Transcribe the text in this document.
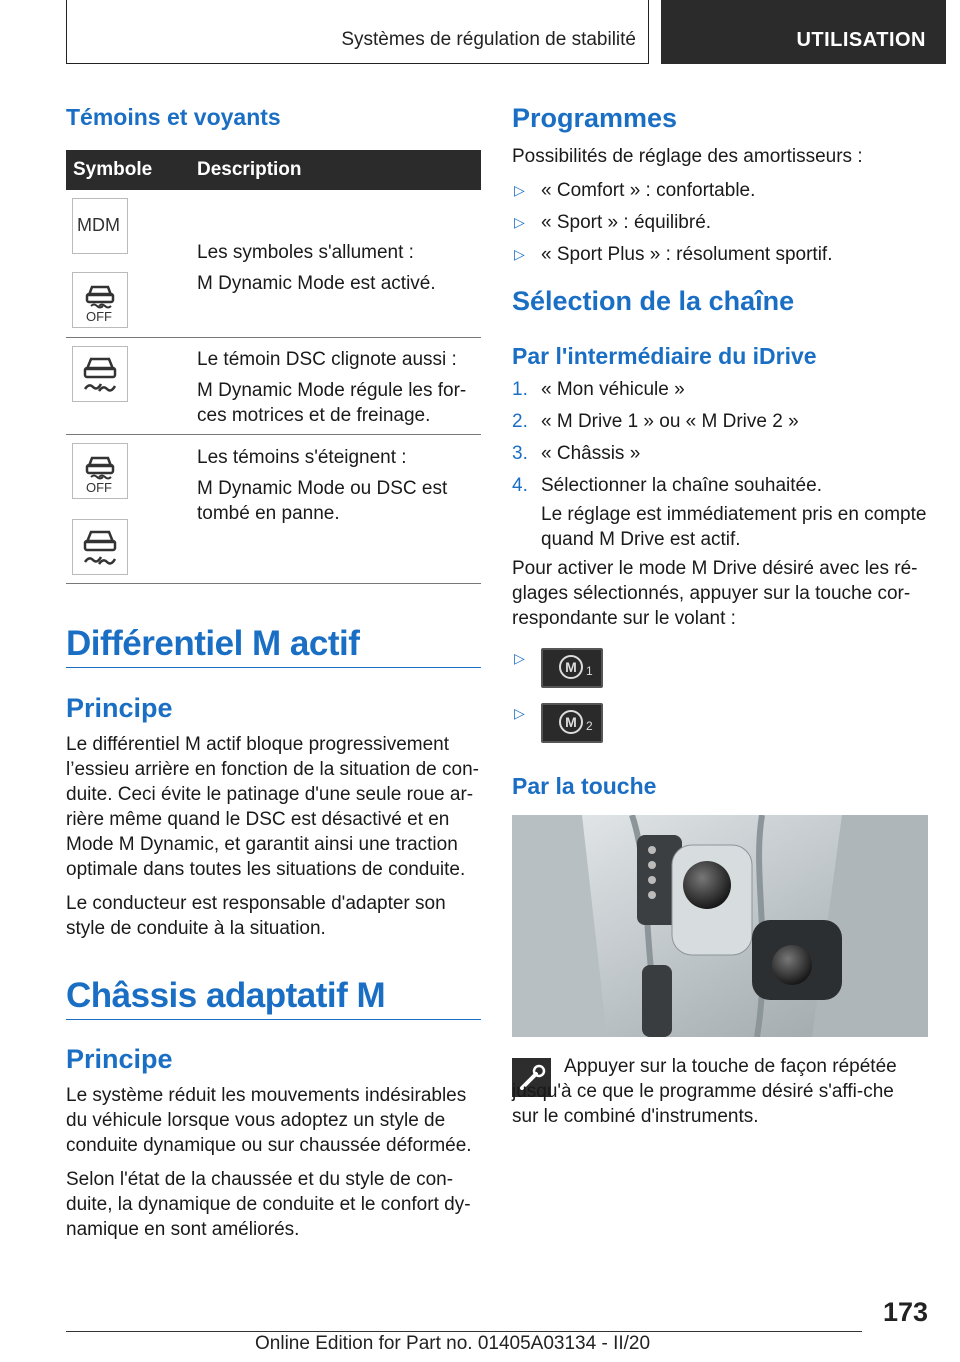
Systèmes de régulation de stabilité	UTILISATION
Témoins et voyants
Symbole Description
MDM
OFF

Les symboles s'allument :

M Dynamic Mode est activé.

Le témoin DSC clignote aussi :

M Dynamic Mode régule les for-ces motrices et de freinage.

OFF

Les témoins s'éteignent :

M Dynamic Mode ou DSC est tombé en panne.

Différentiel M actif
Principe

Le différentiel M actif bloque progressivement l’essieu arrière en fonction de la situation de con-duite. Ceci évite le patinage d'une seule roue ar-rière même quand le DSC est désactivé et en Mode M Dynamic, et garantit ainsi une traction optimale dans toutes les situations de conduite.

Le conducteur est responsable d'adapter son style de conduite à la situation.

Châssis adaptatif M
Principe

Le système réduit les mouvements indésirables du véhicule lorsque vous adoptez un style de conduite dynamique ou sur chaussée déformée.

Selon l'état de la chaussée et du style de con-duite, la dynamique de conduite et le confort dy-namique en sont améliorés.

Programmes

Possibilités de réglage des amortisseurs :

▷ « Comfort » : confortable.
▷ « Sport » : équilibré.
▷ « Sport Plus » : résolument sportif.
Sélection de la chaîne
Par l'intermédiaire du iDrive
1. « Mon véhicule »
2. « M Drive 1 » ou « M Drive 2 »
3. « Châssis »
4. Sélectionner la chaîne souhaitée.

Le réglage est immédiatement pris en compte quand M Drive est actif.

Pour activer le mode M Drive désiré avec les ré-glages sélectionnés, appuyer sur la touche cor-respondante sur le volant :

▷
M 1
▷
M 2
Par la touche

Appuyer sur la touche de façon répétée jusqu'à ce que le programme désiré s'affi-che sur le combiné d'instruments.

173
Online Edition for Part no. 01405A03134 - II/20
